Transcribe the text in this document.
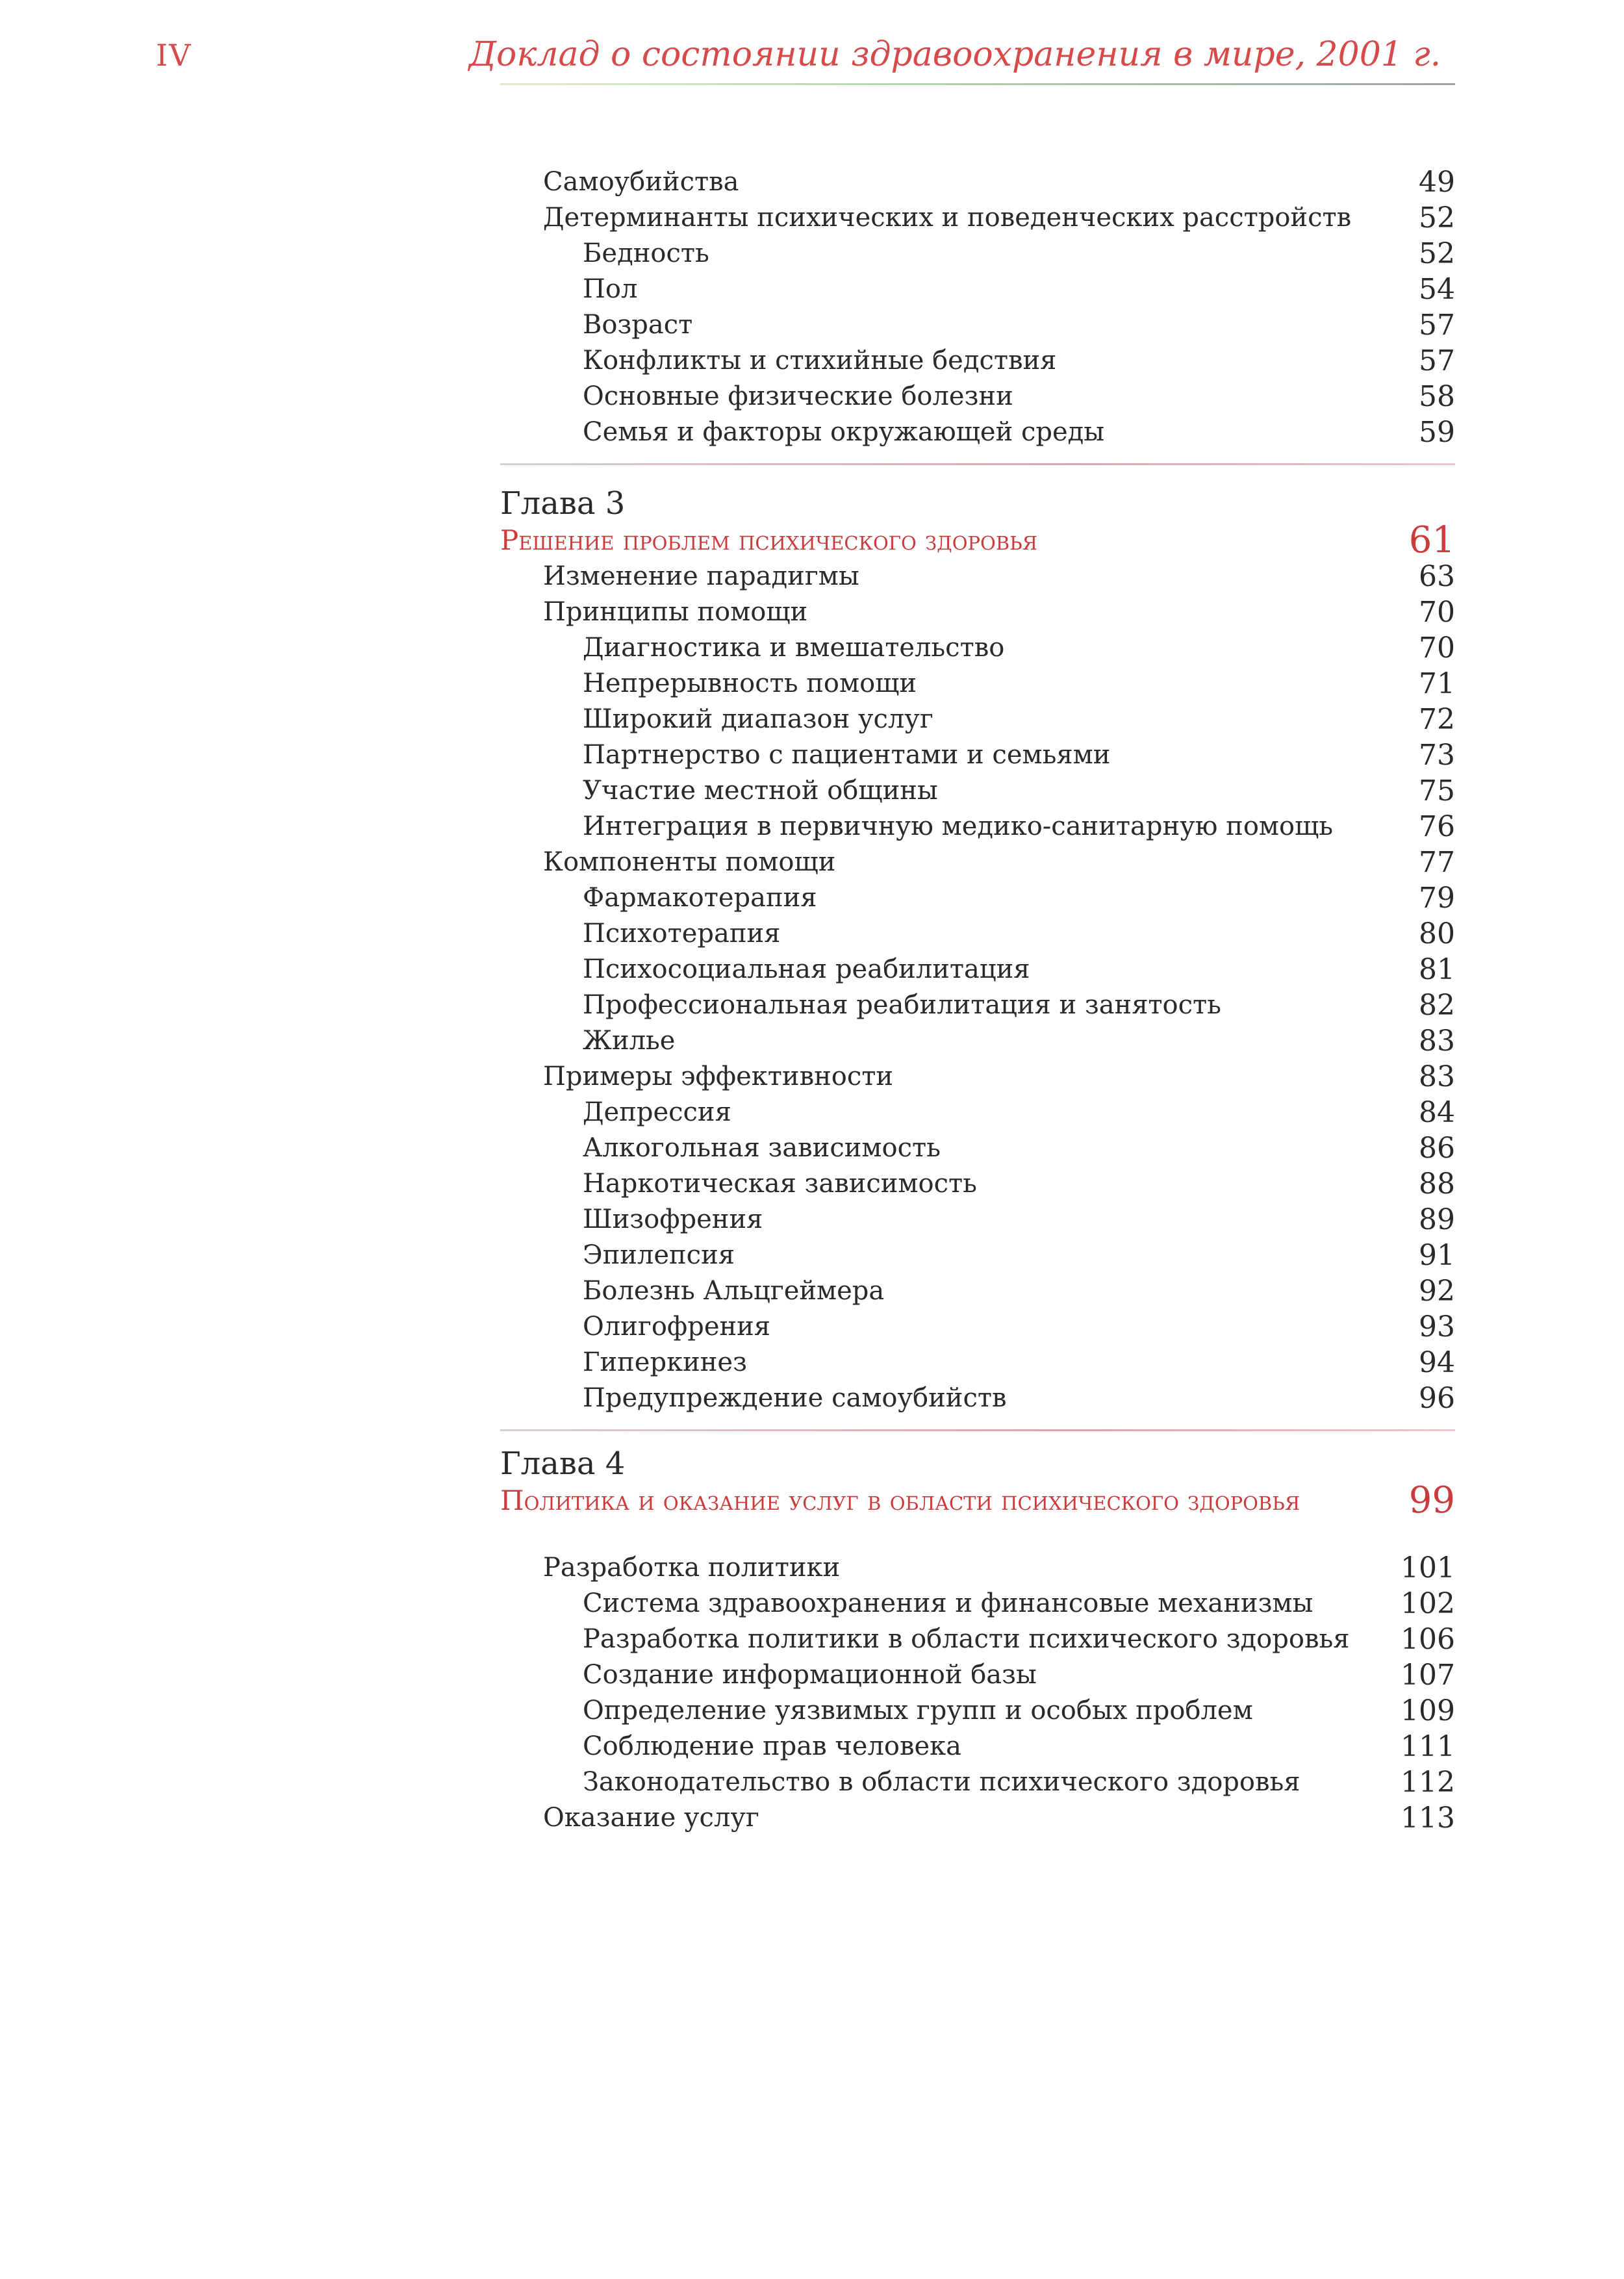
IV	Доклад о состоянии здравоохранения в мире, 2001 г.
Самоубийства	49
Детерминанты психических и поведенческих расстройств 52
Бедность	52
Пол	54
Возраст	57
Конфликты и стихийные бедствия	57
Основные физические болезни	58
Семья и факторы окружающей среды	59
Глава 3
Решение проблем психического здоровья	61
Изменение парадигмы	63
Принципы помощи	70
Диагностика и вмешательство	70
Непрерывность помощи	71
Широкий диапазон услуг	72
Партнерство с пациентами и семьями	73
Участие местной общины	75
Интеграция в первичную медико-санитарную помощь	76
Компоненты помощи	77
Фармакотерапия	79
Психотерапия	80
Психосоциальная реабилитация	81
Профессиональная реабилитация и занятость	82
Жилье	83
Примеры эффективности	83
Депрессия	84
Алкогольная зависимость	86
Наркотическая зависимость	88
Шизофрения	89
Эпилепсия	91
Болезнь Альцгеймера	92
Олигофрения	93
Гиперкинез	94
Предупреждение самоубийств	96
Глава 4
Политика и оказание услуг в области психического здоровья	99
Разработка политики	101
Система здравоохранения и финансовые механизмы	102
Разработка политики в области психического здоровья 106
Создание информационной базы	107
Определение уязвимых групп и особых проблем	109
Соблюдение прав человека	111
Законодательство в области психического здоровья	112
Оказание услуг	113
